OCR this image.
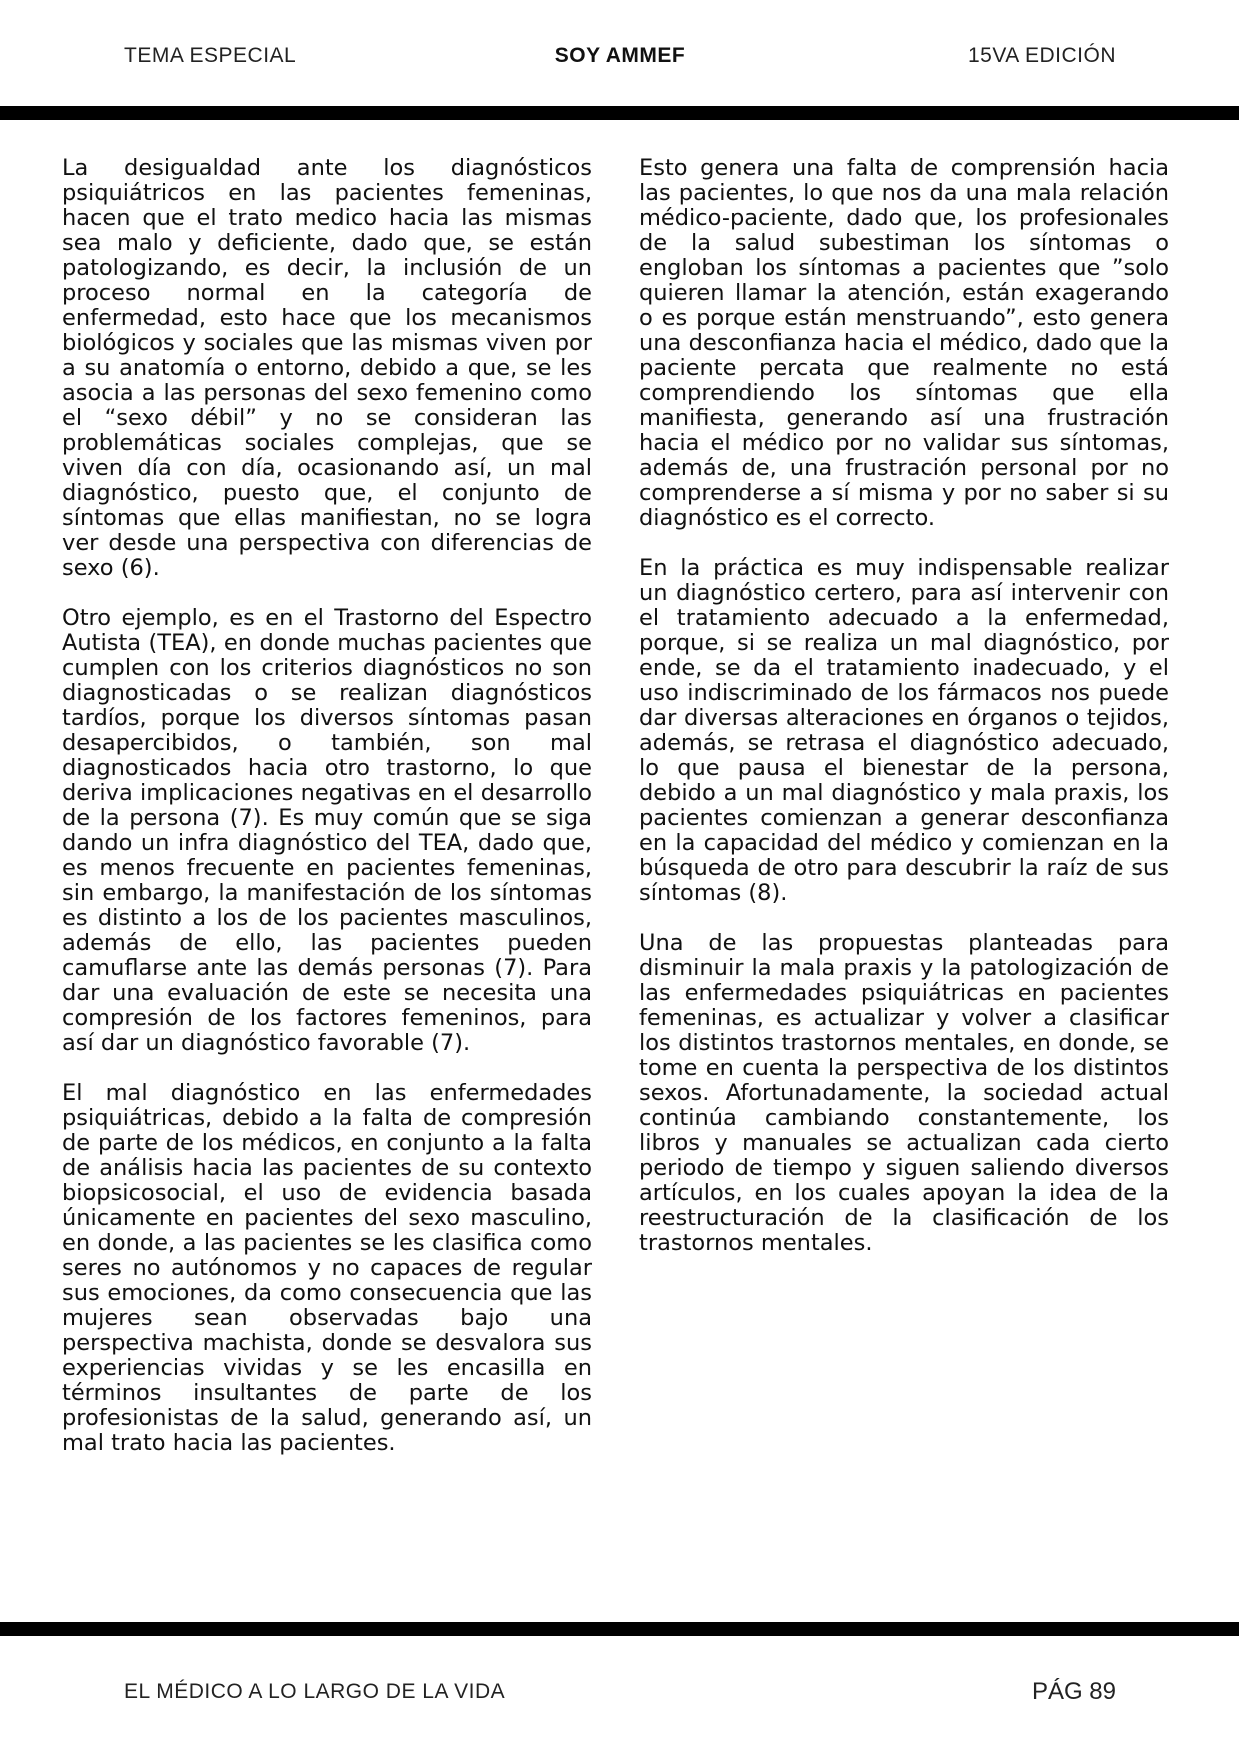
TEMA ESPECIAL	SOY AMMEF	15VA EDICIÓN

La desigualdad ante los diagnósticos psiquiátricos en las pacientes femeninas, hacen que el trato medico hacia las mismas sea malo y deficiente, dado que, se están patologizando, es decir, la inclusión de un proceso normal en la categoría de enfermedad, esto hace que los mecanismos biológicos y sociales que las mismas viven por a su anatomía o entorno, debido a que, se les asocia a las personas del sexo femenino como el “sexo débil” y no se consideran las problemáticas sociales complejas, que se viven día con día, ocasionando así, un mal diagnóstico, puesto que, el conjunto de síntomas que ellas manifiestan, no se logra ver desde una perspectiva con diferencias de sexo (6).

Otro ejemplo, es en el Trastorno del Espectro Autista (TEA), en donde muchas pacientes que cumplen con los criterios diagnósticos no son diagnosticadas o se realizan diagnósticos tardíos, porque los diversos síntomas pasan desapercibidos, o también, son mal diagnosticados hacia otro trastorno, lo que deriva implicaciones negativas en el desarrollo de la persona (7). Es muy común que se siga dando un infra diagnóstico del TEA, dado que, es menos frecuente en pacientes femeninas, sin embargo, la manifestación de los síntomas es distinto a los de los pacientes masculinos, además de ello, las pacientes pueden camuflarse ante las demás personas (7). Para dar una evaluación de este se necesita una compresión de los factores femeninos, para así dar un diagnóstico favorable (7).

El mal diagnóstico en las enfermedades psiquiátricas, debido a la falta de compresión de parte de los médicos, en conjunto a la falta de análisis hacia las pacientes de su contexto biopsicosocial, el uso de evidencia basada únicamente en pacientes del sexo masculino, en donde, a las pacientes se les clasifica como seres no autónomos y no capaces de regular sus emociones, da como consecuencia que las mujeres sean observadas bajo una perspectiva machista, donde se desvalora sus experiencias vividas y se les encasilla en términos insultantes de parte de los profesionistas de la salud, generando así, un mal trato hacia las pacientes.

Esto genera una falta de comprensión hacia las pacientes, lo que nos da una mala relación médico-paciente, dado que, los profesionales de la salud subestiman los síntomas o engloban los síntomas a pacientes que ”solo quieren llamar la atención, están exagerando o es porque están menstruando”, esto genera una desconfianza hacia el médico, dado que la paciente percata que realmente no está comprendiendo los síntomas que ella manifiesta, generando así una frustración hacia el médico por no validar sus síntomas, además de, una frustración personal por no comprenderse a sí misma y por no saber si su diagnóstico es el correcto.

En la práctica es muy indispensable realizar un diagnóstico certero, para así intervenir con el tratamiento adecuado a la enfermedad, porque, si se realiza un mal diagnóstico, por ende, se da el tratamiento inadecuado, y el uso indiscriminado de los fármacos nos puede dar diversas alteraciones en órganos o tejidos, además, se retrasa el diagnóstico adecuado, lo que pausa el bienestar de la persona, debido a un mal diagnóstico y mala praxis, los pacientes comienzan a generar desconfianza en la capacidad del médico y comienzan en la búsqueda de otro para descubrir la raíz de sus síntomas (8).

Una de las propuestas planteadas para disminuir la mala praxis y la patologización de las enfermedades psiquiátricas en pacientes femeninas, es actualizar y volver a clasificar los distintos trastornos mentales, en donde, se tome en cuenta la perspectiva de los distintos sexos. Afortunadamente, la sociedad actual continúa cambiando constantemente, los libros y manuales se actualizan cada cierto periodo de tiempo y siguen saliendo diversos artículos, en los cuales apoyan la idea de la reestructuración de la clasificación de los trastornos mentales.

EL MÉDICO A LO LARGO DE LA VIDA	PÁG 89
